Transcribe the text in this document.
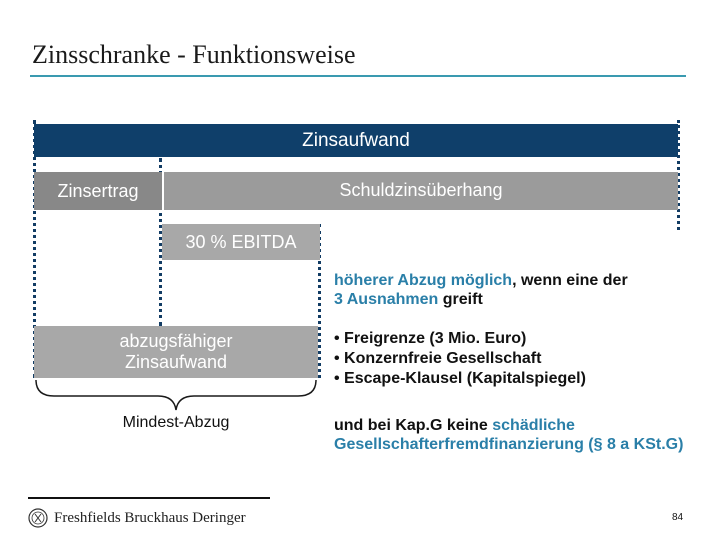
Zinsschranke - Funktionsweise
Zinsaufwand
Zinsertrag	Schuldzinsüberhang
30 % EBITDA
abzugsfähiger
Zinsaufwand
Mindest-Abzug
höherer Abzug möglich, wenn eine der
3 Ausnahmen greift
• Freigrenze (3 Mio. Euro)
• Konzernfreie Gesellschaft
• Escape-Klausel (Kapitalspiegel)
und bei Kap.G keine schädliche Gesellschafterfremdfinanzierung (§ 8 a KSt.G)
Freshfields Bruckhaus Deringer	84
